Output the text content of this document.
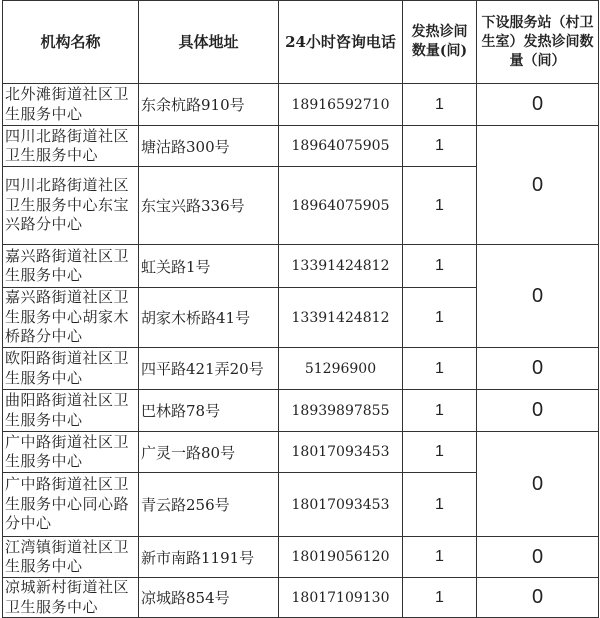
机构名称	具体地址	24小时咨询电话	发热诊间数量(间)	下设服务站（村卫生室）发热诊间数量（间）
北外滩街道社区卫生服务中心	东余杭路910号	18916592710	1	0
四川北路街道社区卫生服务中心	塘沽路300号	18964075905	1	0
四川北路街道社区卫生服务中心东宝兴路分中心	东宝兴路336号	18964075905	1	
嘉兴路街道社区卫生服务中心	虹关路1号	13391424812	1	0
嘉兴路街道社区卫生服务中心胡家木桥路分中心	胡家木桥路41号	13391424812	1	
欧阳路街道社区卫生服务中心	四平路421弄20号	51296900	1	0
曲阳路街道社区卫生服务中心	巴林路78号	18939897855	1	0
广中路街道社区卫生服务中心	广灵一路80号	18017093453	1	0
广中路街道社区卫生服务中心同心路分中心	青云路256号	18017093453	1	
江湾镇街道社区卫生服务中心	新市南路1191号	18019056120	1	0
凉城新村街道社区卫生服务中心	凉城路854号	18017109130	1	0
